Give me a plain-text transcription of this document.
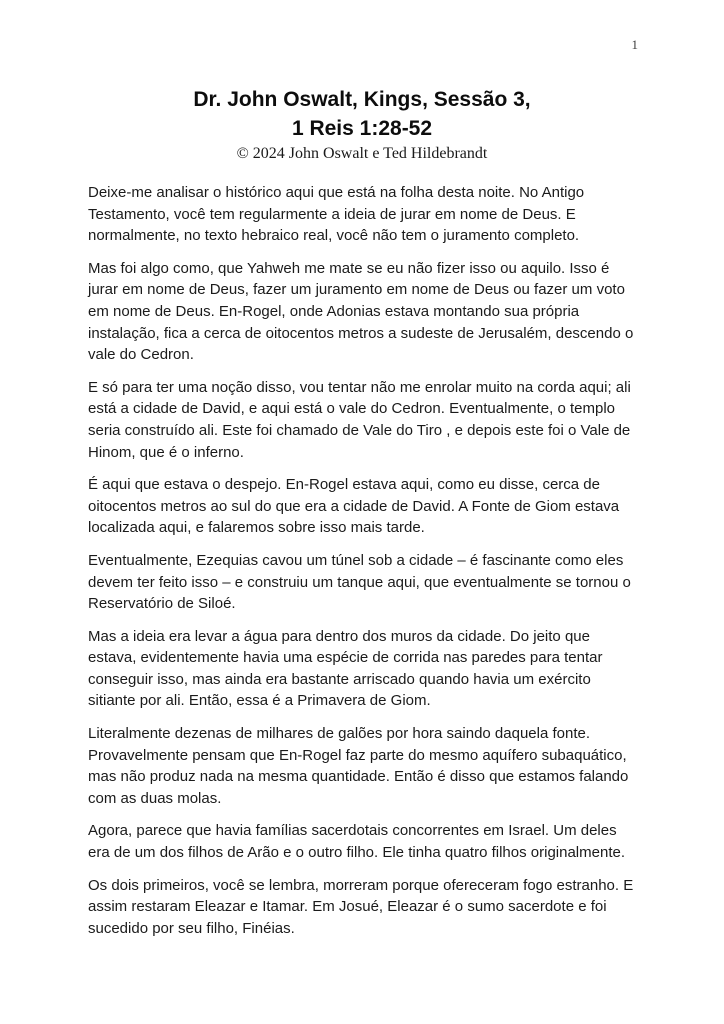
1
Dr. John Oswalt, Kings, Sessão 3,
1 Reis 1:28-52
© 2024 John Oswalt e Ted Hildebrandt

Deixe-me analisar o histórico aqui que está na folha desta noite. No Antigo Testamento, você tem regularmente a ideia de jurar em nome de Deus. E normalmente, no texto hebraico real, você não tem o juramento completo.

Mas foi algo como, que Yahweh me mate se eu não fizer isso ou aquilo. Isso é jurar em nome de Deus, fazer um juramento em nome de Deus ou fazer um voto em nome de Deus. En-Rogel, onde Adonias estava montando sua própria instalação, fica a cerca de oitocentos metros a sudeste de Jerusalém, descendo o vale do Cedron.

E só para ter uma noção disso, vou tentar não me enrolar muito na corda aqui; ali está a cidade de David, e aqui está o vale do Cedron. Eventualmente, o templo seria construído ali. Este foi chamado de Vale do Tiro , e depois este foi o Vale de Hinom, que é o inferno.

É aqui que estava o despejo. En-Rogel estava aqui, como eu disse, cerca de oitocentos metros ao sul do que era a cidade de David. A Fonte de Giom estava localizada aqui, e falaremos sobre isso mais tarde.

Eventualmente, Ezequias cavou um túnel sob a cidade – é fascinante como eles devem ter feito isso – e construiu um tanque aqui, que eventualmente se tornou o Reservatório de Siloé.

Mas a ideia era levar a água para dentro dos muros da cidade. Do jeito que estava, evidentemente havia uma espécie de corrida nas paredes para tentar conseguir isso, mas ainda era bastante arriscado quando havia um exército sitiante por ali. Então, essa é a Primavera de Giom.

Literalmente dezenas de milhares de galões por hora saindo daquela fonte. Provavelmente pensam que En-Rogel faz parte do mesmo aquífero subaquático, mas não produz nada na mesma quantidade. Então é disso que estamos falando com as duas molas.

Agora, parece que havia famílias sacerdotais concorrentes em Israel. Um deles era de um dos filhos de Arão e o outro filho. Ele tinha quatro filhos originalmente.

Os dois primeiros, você se lembra, morreram porque ofereceram fogo estranho. E assim restaram Eleazar e Itamar. Em Josué, Eleazar é o sumo sacerdote e foi sucedido por seu filho, Finéias.
